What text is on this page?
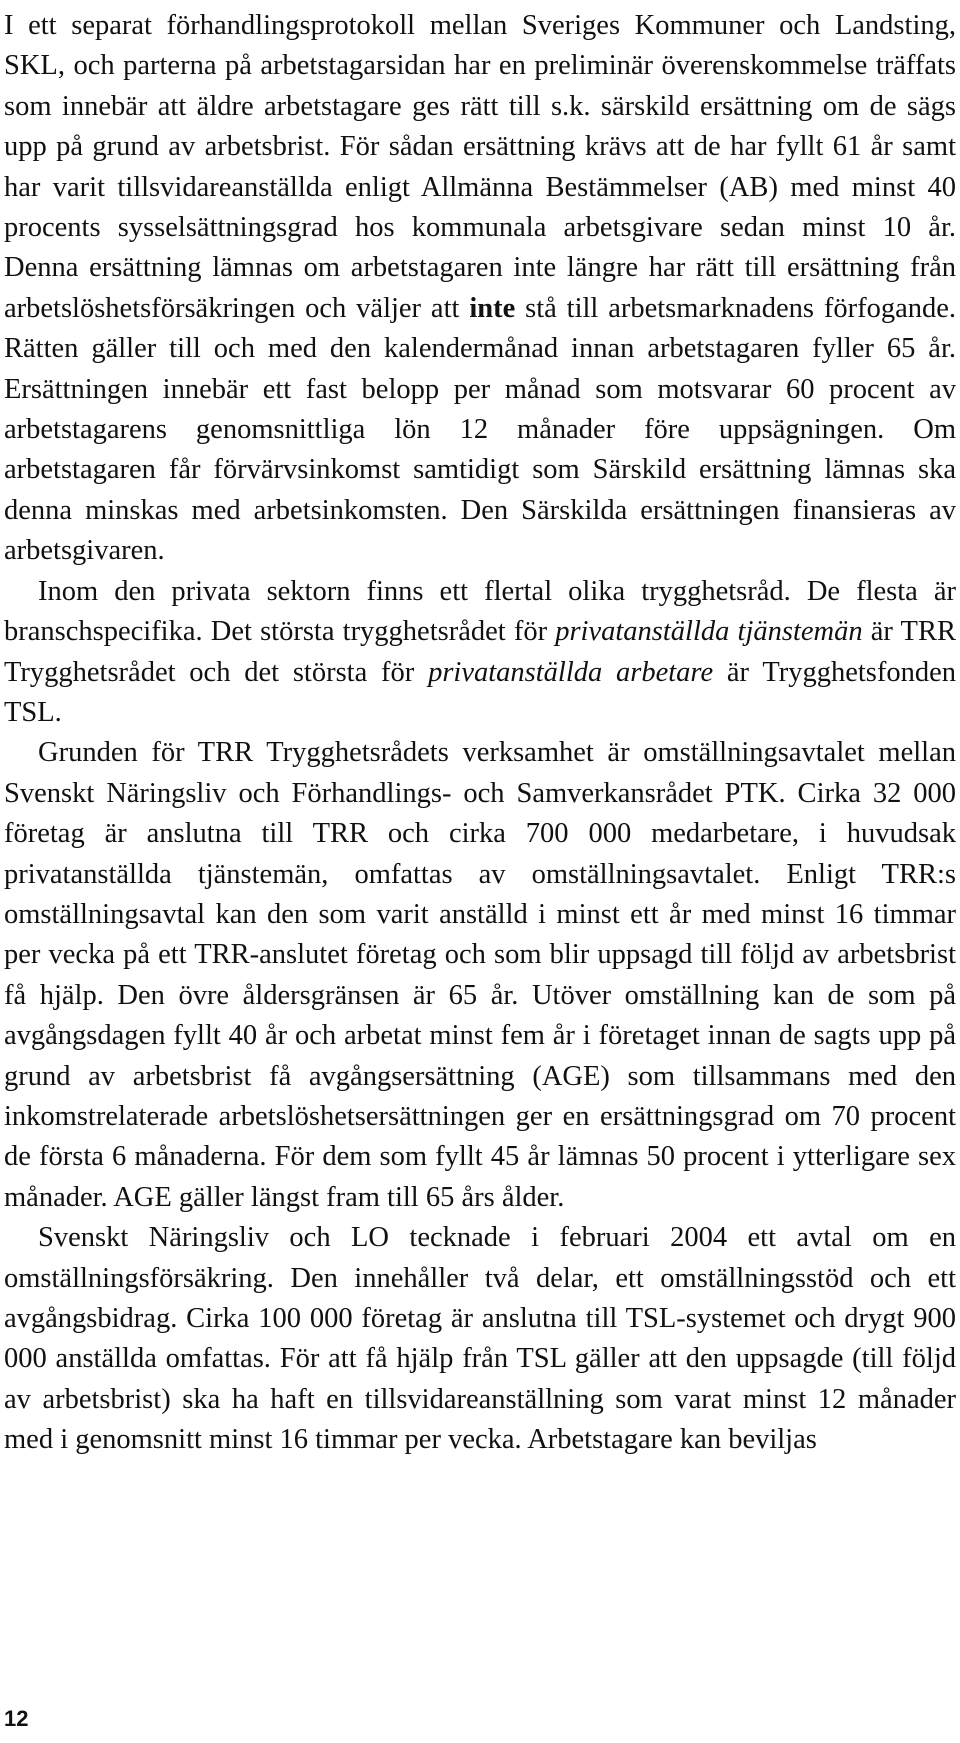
I ett separat förhandlingsprotokoll mellan Sveriges Kommuner och Landsting, SKL, och parterna på arbetstagarsidan har en preliminär överenskommelse träffats som innebär att äldre arbetstagare ges rätt till s.k. särskild ersättning om de sägs upp på grund av arbetsbrist. För sådan ersättning krävs att de har fyllt 61 år samt har varit tillsvidareanställda enligt Allmänna Bestämmelser (AB) med minst 40 procents sysselsättningsgrad hos kommunala arbetsgivare sedan minst 10 år. Denna ersättning lämnas om arbetstagaren inte längre har rätt till ersättning från arbetslöshetsförsäkringen och väljer att inte stå till arbetsmarknadens förfogande. Rätten gäller till och med den kalendermånad innan arbetstagaren fyller 65 år. Ersättningen innebär ett fast belopp per månad som motsvarar 60 procent av arbetstagarens genomsnittliga lön 12 månader före uppsägningen. Om arbetstagaren får förvärvsinkomst samtidigt som Särskild ersättning lämnas ska denna minskas med arbetsinkomsten. Den Särskilda ersättningen finansieras av arbetsgivaren.

Inom den privata sektorn finns ett flertal olika trygghetsråd. De flesta är branschspecifika. Det största trygghetsrådet för privatanställda tjänstemän är TRR Trygghetsrådet och det största för privatanställda arbetare är Trygghetsfonden TSL.

Grunden för TRR Trygghetsrådets verksamhet är omställningsavtalet mellan Svenskt Näringsliv och Förhandlings- och Samverkansrådet PTK. Cirka 32 000 företag är anslutna till TRR och cirka 700 000 medarbetare, i huvudsak privatanställda tjänstemän, omfattas av omställningsavtalet. Enligt TRR:s omställningsavtal kan den som varit anställd i minst ett år med minst 16 timmar per vecka på ett TRR-anslutet företag och som blir uppsagd till följd av arbetsbrist få hjälp. Den övre åldersgränsen är 65 år. Utöver omställning kan de som på avgångsdagen fyllt 40 år och arbetat minst fem år i företaget innan de sagts upp på grund av arbetsbrist få avgångsersättning (AGE) som tillsammans med den inkomstrelaterade arbetslöshetsersättningen ger en ersättningsgrad om 70 procent de första 6 månaderna. För dem som fyllt 45 år lämnas 50 procent i ytterligare sex månader. AGE gäller längst fram till 65 års ålder.

Svenskt Näringsliv och LO tecknade i februari 2004 ett avtal om en omställningsförsäkring. Den innehåller två delar, ett omställningsstöd och ett avgångsbidrag. Cirka 100 000 företag är anslutna till TSL-systemet och drygt 900 000 anställda omfattas. För att få hjälp från TSL gäller att den uppsagde (till följd av arbetsbrist) ska ha haft en tillsvidareanställning som varat minst 12 månader med i genomsnitt minst 16 timmar per vecka. Arbetstagare kan beviljas

12
